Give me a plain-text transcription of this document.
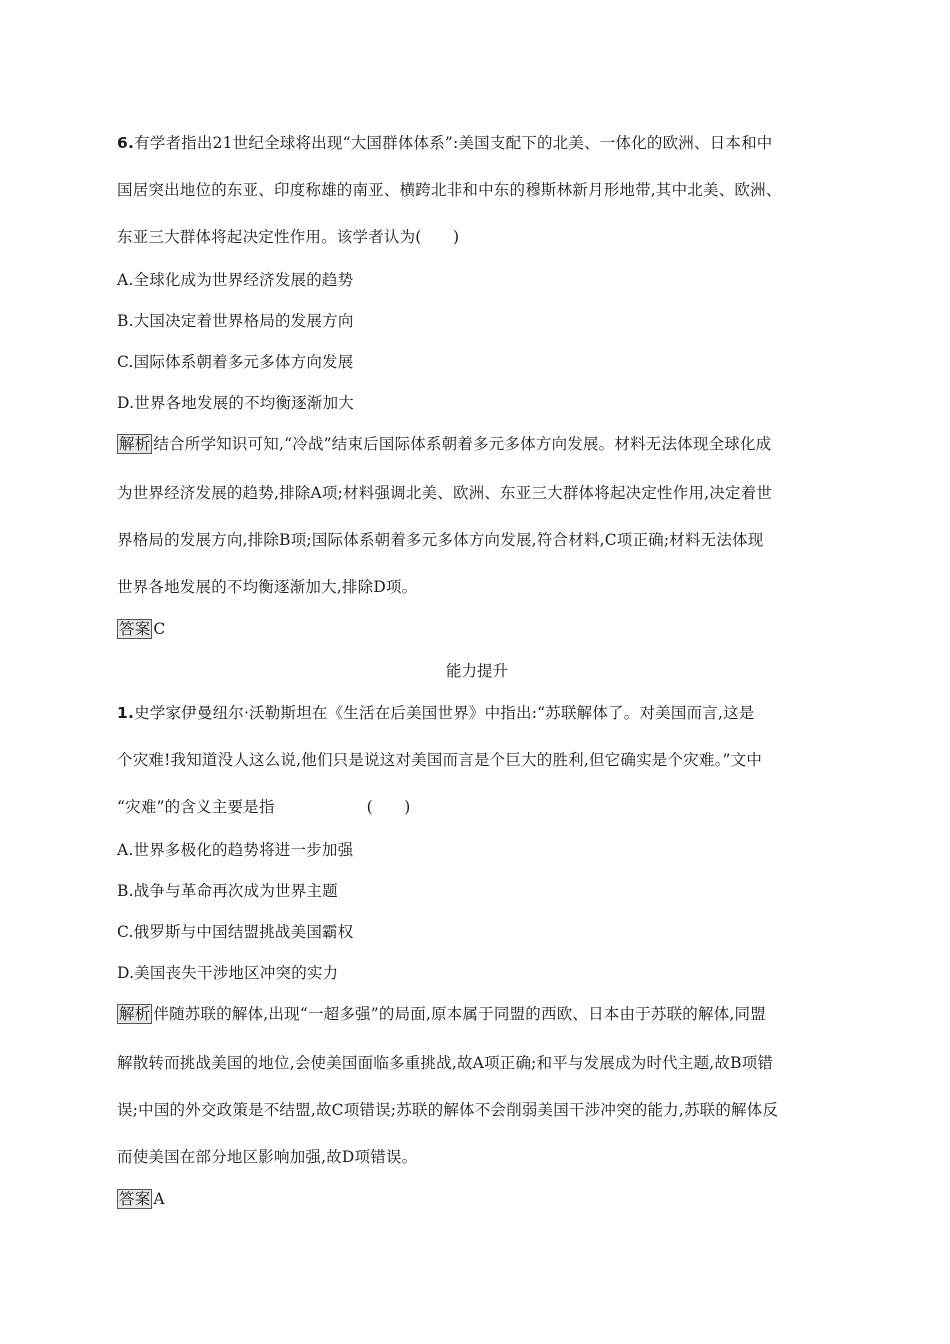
6.有学者指出21世纪全球将出现“大国群体体系”:美国支配下的北美、一体化的欧洲、日本和中
国居突出地位的东亚、印度称雄的南亚、横跨北非和中东的穆斯林新月形地带,其中北美、欧洲、
东亚三大群体将起决定性作用。该学者认为(　　)
A.全球化成为世界经济发展的趋势
B.大国决定着世界格局的发展方向
C.国际体系朝着多元多体方向发展
D.世界各地发展的不均衡逐渐加大
解析 结合所学知识可知,“冷战”结束后国际体系朝着多元多体方向发展。材料无法体现全球化成
为世界经济发展的趋势,排除A项;材料强调北美、欧洲、东亚三大群体将起决定性作用,决定着世
界格局的发展方向,排除B项;国际体系朝着多元多体方向发展,符合材料,C项正确;材料无法体现
世界各地发展的不均衡逐渐加大,排除D项。
答案 C
能力提升
1.史学家伊曼纽尔·沃勒斯坦在《生活在后美国世界》中指出:“苏联解体了。对美国而言,这是
个灾难!我知道没人这么说,他们只是说这对美国而言是个巨大的胜利,但它确实是个灾难。”文中
“灾难”的含义主要是指	(　　)
A.世界多极化的趋势将进一步加强
B.战争与革命再次成为世界主题
C.俄罗斯与中国结盟挑战美国霸权
D.美国丧失干涉地区冲突的实力
解析 伴随苏联的解体,出现“一超多强”的局面,原本属于同盟的西欧、日本由于苏联的解体,同盟
解散转而挑战美国的地位,会使美国面临多重挑战,故A项正确;和平与发展成为时代主题,故B项错
误;中国的外交政策是不结盟,故C项错误;苏联的解体不会削弱美国干涉冲突的能力,苏联的解体反
而使美国在部分地区影响加强,故D项错误。
答案 A
